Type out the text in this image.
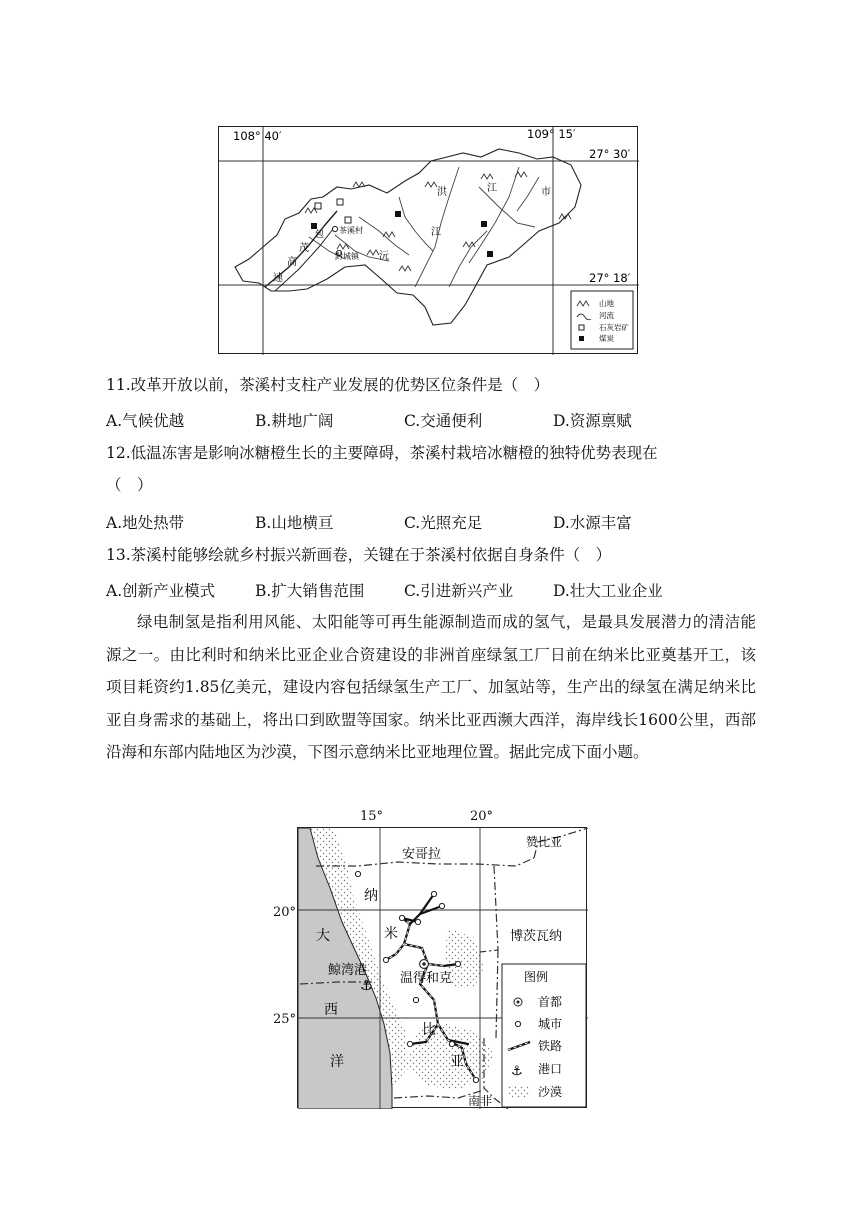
108° 40′	109° 15′
27° 30′
27° 18′
洪	江	市
江
沅
茶溪村
黔城镇
包
茂
高
速
山地
河流
石灰岩矿
煤炭
11.改革开放以前，茶溪村支柱产业发展的优势区位条件是（　）
A.气候优越	B.耕地广阔	C.交通便利	D.资源禀赋
12.低温冻害是影响冰糖橙生长的主要障碍，茶溪村栽培冰糖橙的独特优势表现在
（　）
A.地处热带	B.山地横亘	C.光照充足	D.水源丰富
13.茶溪村能够绘就乡村振兴新画卷，关键在于茶溪村依据自身条件（　）
A.创新产业模式	B.扩大销售范围	C.引进新兴产业	D.壮大工业企业
绿电制氢是指利用风能、太阳能等可再生能源制造而成的氢气，是最具发展潜力的清洁能源之一。由比利时和纳米比亚企业合资建设的非洲首座绿氢工厂日前在纳米比亚奠基开工，该项目耗资约1.85亿美元，建设内容包括绿氢生产工厂、加氢站等，生产出的绿氢在满足纳米比亚自身需求的基础上，将出口到欧盟等国家。纳米比亚西濒大西洋，海岸线长1600公里，西部沿海和东部内陆地区为沙漠，下图示意纳米比亚地理位置。据此完成下面小题。
15°	20°
20°
25°
⚓
安哥拉
赞比亚
博茨瓦纳
南非
纳
米
比
亚
大
西
洋
鲸湾港
温得和克	图例
首都
城市
铁路
⚓ 港口
沙漠
